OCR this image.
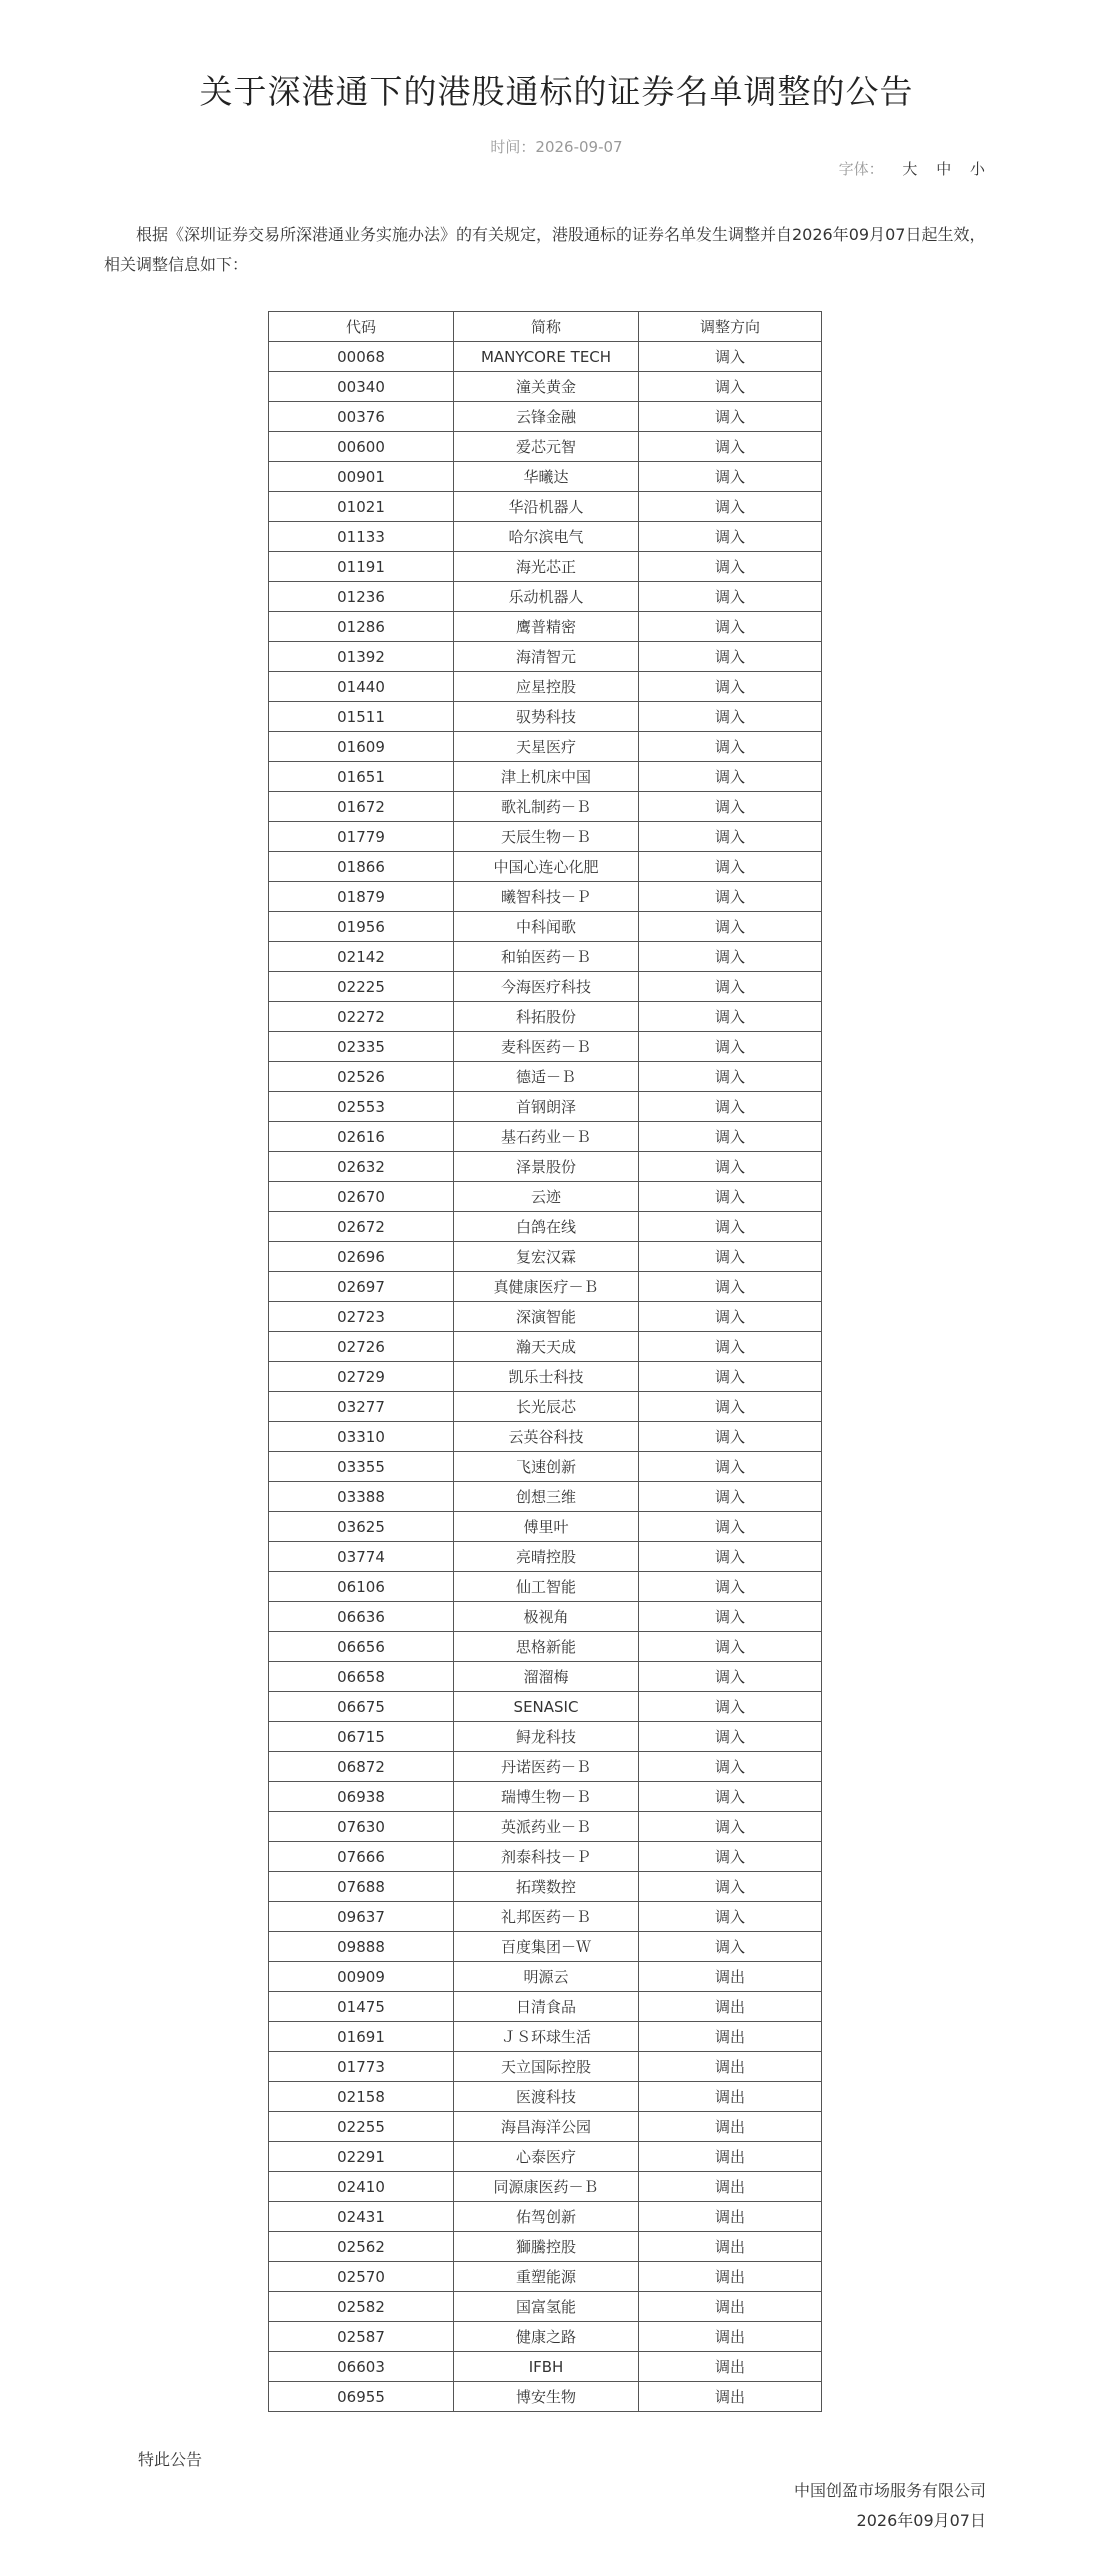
关于深港通下的港股通标的证券名单调整的公告
时间：2026-09-07
字体： 大 中 小

根据《深圳证券交易所深港通业务实施办法》的有关规定，港股通标的证券名单发生调整并自2026年09月07日起生效，相关调整信息如下：

代码	简称	调整方向
00068	MANYCORE TECH	调入
00340	潼关黄金	调入
00376	云锋金融	调入
00600	爱芯元智	调入
00901	华曦达	调入
01021	华沿机器人	调入
01133	哈尔滨电气	调入
01191	海光芯正	调入
01236	乐动机器人	调入
01286	鹰普精密	调入
01392	海清智元	调入
01440	应星控股	调入
01511	驭势科技	调入
01609	天星医疗	调入
01651	津上机床中国	调入
01672	歌礼制药－Ｂ	调入
01779	天辰生物－Ｂ	调入
01866	中国心连心化肥	调入
01879	曦智科技－Ｐ	调入
01956	中科闻歌	调入
02142	和铂医药－Ｂ	调入
02225	今海医疗科技	调入
02272	科拓股份	调入
02335	麦科医药－Ｂ	调入
02526	德适－Ｂ	调入
02553	首钢朗泽	调入
02616	基石药业－Ｂ	调入
02632	泽景股份	调入
02670	云迹	调入
02672	白鸽在线	调入
02696	复宏汉霖	调入
02697	真健康医疗－Ｂ	调入
02723	深演智能	调入
02726	瀚天天成	调入
02729	凯乐士科技	调入
03277	长光辰芯	调入
03310	云英谷科技	调入
03355	飞速创新	调入
03388	创想三维	调入
03625	傅里叶	调入
03774	亮晴控股	调入
06106	仙工智能	调入
06636	极视角	调入
06656	思格新能	调入
06658	溜溜梅	调入
06675	SENASIC	调入
06715	鲟龙科技	调入
06872	丹诺医药－Ｂ	调入
06938	瑞博生物－Ｂ	调入
07630	英派药业－Ｂ	调入
07666	剂泰科技－Ｐ	调入
07688	拓璞数控	调入
09637	礼邦医药－Ｂ	调入
09888	百度集团－Ｗ	调入
00909	明源云	调出
01475	日清食品	调出
01691	ＪＳ环球生活	调出
01773	天立国际控股	调出
02158	医渡科技	调出
02255	海昌海洋公园	调出
02291	心泰医疗	调出
02410	同源康医药－Ｂ	调出
02431	佑驾创新	调出
02562	獅騰控股	调出
02570	重塑能源	调出
02582	国富氢能	调出
02587	健康之路	调出
06603	IFBH	调出
06955	博安生物	调出
特此公告
中国创盈市场服务有限公司
2026年09月07日
